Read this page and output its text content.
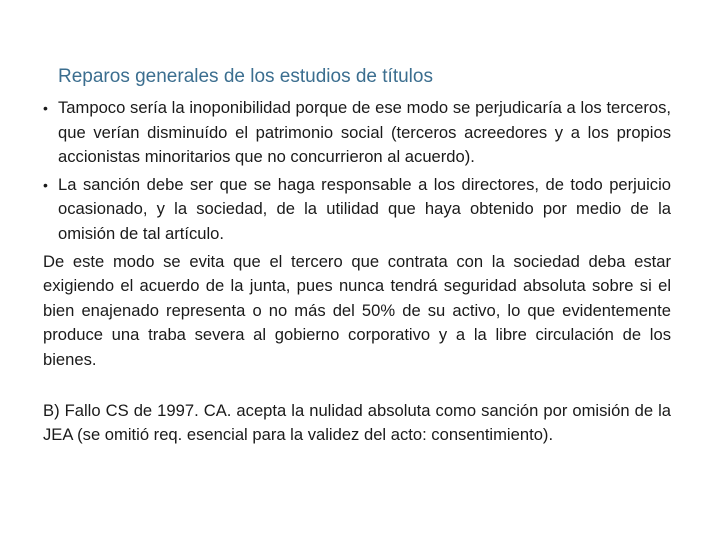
Reparos generales de los estudios de títulos

• Tampoco sería la inoponibilidad porque de ese modo se perjudicaría a los terceros, que verían disminuído el patrimonio social (terceros acreedores y a los propios accionistas minoritarios que no concurrieron al acuerdo).

• La sanción debe ser que se haga responsable a los directores, de todo perjuicio ocasionado, y la sociedad, de la utilidad que haya obtenido por medio de la omisión de tal artículo.

De este modo se evita que el tercero que contrata con la sociedad deba estar exigiendo el acuerdo de la junta, pues nunca tendrá seguridad absoluta sobre si el bien enajenado representa o no más del 50% de su activo, lo que evidentemente produce una traba severa al gobierno corporativo y a la libre circulación de los bienes.

B) Fallo CS de 1997. CA. acepta la nulidad absoluta como sanción por omisión de la JEA (se omitió req. esencial para la validez del acto: consentimiento).
